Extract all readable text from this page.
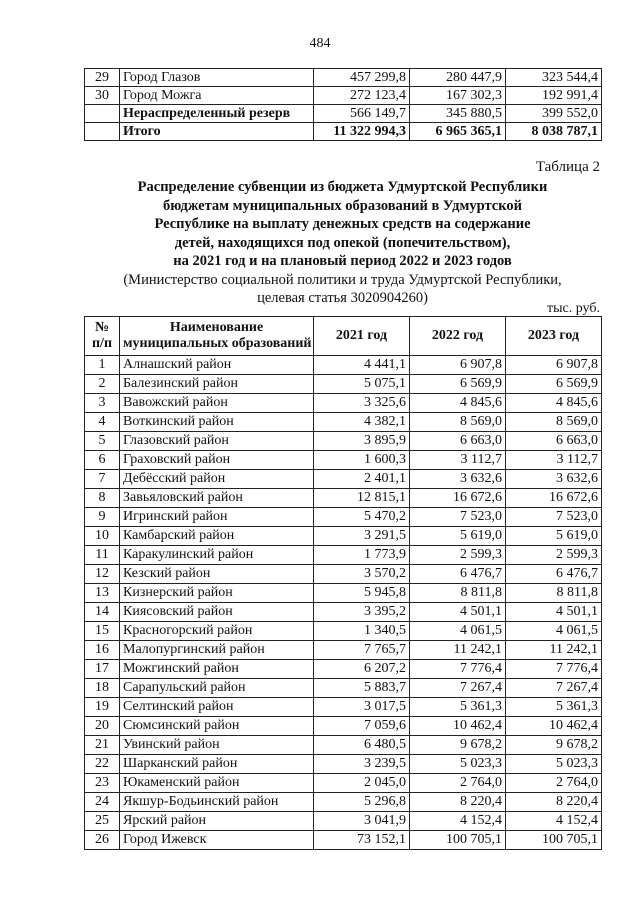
484
29	Город Глазов	457 299,8	280 447,9	323 544,4
30	Город Можга	272 123,4	167 302,3	192 991,4
	Нераспределенный резерв	566 149,7	345 880,5	399 552,0
	Итого	11 322 994,3	6 965 365,1	8 038 787,1
Таблица 2
Распределение субвенции из бюджета Удмуртской Республики
бюджетам муниципальных образований в Удмуртской
Республике на выплату денежных средств на содержание
детей, находящихся под опекой (попечительством),
на 2021 год и на плановый период 2022 и 2023 годов
(Министерство социальной политики и труда Удмуртской Республики,
целевая статья 3020904260)
тыс. руб.
№
п/п	Наименование
муниципальных образований	2021 год	2022 год	2023 год
1	Алнашский район	4 441,1	6 907,8	6 907,8
2	Балезинский район	5 075,1	6 569,9	6 569,9
3	Вавожский район	3 325,6	4 845,6	4 845,6
4	Воткинский район	4 382,1	8 569,0	8 569,0
5	Глазовский район	3 895,9	6 663,0	6 663,0
6	Граховский район	1 600,3	3 112,7	3 112,7
7	Дебёсский район	2 401,1	3 632,6	3 632,6
8	Завьяловский район	12 815,1	16 672,6	16 672,6
9	Игринский район	5 470,2	7 523,0	7 523,0
10	Камбарский район	3 291,5	5 619,0	5 619,0
11	Каракулинский район	1 773,9	2 599,3	2 599,3
12	Кезский район	3 570,2	6 476,7	6 476,7
13	Кизнерский район	5 945,8	8 811,8	8 811,8
14	Киясовский район	3 395,2	4 501,1	4 501,1
15	Красногорский район	1 340,5	4 061,5	4 061,5
16	Малопургинский район	7 765,7	11 242,1	11 242,1
17	Можгинский район	6 207,2	7 776,4	7 776,4
18	Сарапульский район	5 883,7	7 267,4	7 267,4
19	Селтинский район	3 017,5	5 361,3	5 361,3
20	Сюмсинский район	7 059,6	10 462,4	10 462,4
21	Увинский район	6 480,5	9 678,2	9 678,2
22	Шарканский район	3 239,5	5 023,3	5 023,3
23	Юкаменский район	2 045,0	2 764,0	2 764,0
24	Якшур-Бодьинский район	5 296,8	8 220,4	8 220,4
25	Ярский район	3 041,9	4 152,4	4 152,4
26	Город Ижевск	73 152,1	100 705,1	100 705,1
